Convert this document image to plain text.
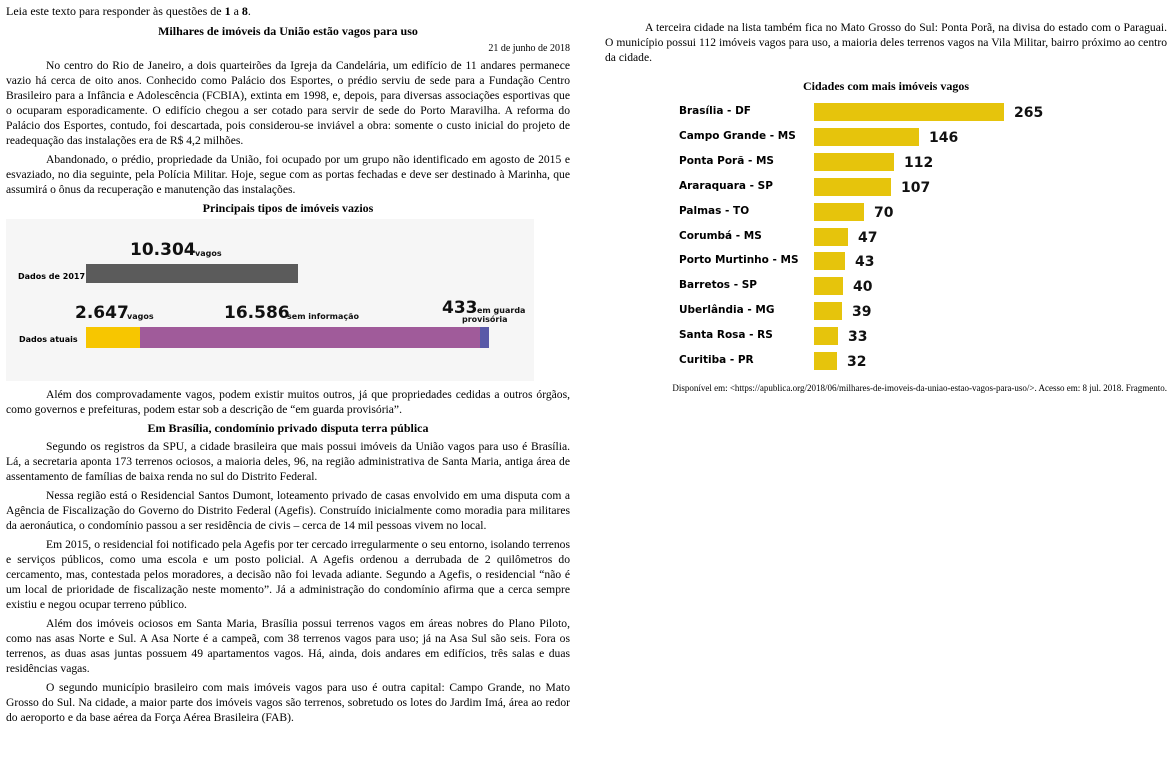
Leia este texto para responder às questões de 1 a 8.

Milhares de imóveis da União estão vagos para uso
21 de junho de 2018

No centro do Rio de Janeiro, a dois quarteirões da Igreja da Candelária, um edifício de 11 andares permanece vazio há cerca de oito anos. Conhecido como Palácio dos Esportes, o prédio serviu de sede para a Fundação Centro Brasileiro para a Infância e Adolescência (FCBIA), extinta em 1998, e, depois, para diversas associações esportivas que o ocuparam esporadicamente. O edifício chegou a ser cotado para servir de sede do Porto Maravilha. A reforma do Palácio dos Esportes, contudo, foi descartada, pois considerou-se inviável a obra: somente o custo inicial do projeto de readequação das instalações era de R$ 4,2 milhões.

Abandonado, o prédio, propriedade da União, foi ocupado por um grupo não identificado em agosto de 2015 e esvaziado, no dia seguinte, pela Polícia Militar. Hoje, segue com as portas fechadas e deve ser destinado à Marinha, que assumirá o ônus da recuperação e manutenção das instalações.

Principais tipos de imóveis vazios
10.304 vagos
Dados de 2017
2.647
vagos	16.586
sem informação	433 em guarda
provisória
Dados atuais

Além dos comprovadamente vagos, podem existir muitos outros, já que propriedades cedidas a outros órgãos, como governos e prefeituras, podem estar sob a descrição de “em guarda provisória”.

Em Brasília, condomínio privado disputa terra pública

Segundo os registros da SPU, a cidade brasileira que mais possui imóveis da União vagos para uso é Brasília. Lá, a secretaria aponta 173 terrenos ociosos, a maioria deles, 96, na região administrativa de Santa Maria, antiga área de assentamento de famílias de baixa renda no sul do Distrito Federal.

Nessa região está o Residencial Santos Dumont, loteamento privado de casas envolvido em uma disputa com a Agência de Fiscalização do Governo do Distrito Federal (Agefis). Construído inicialmente como moradia para militares da aeronáutica, o condomínio passou a ser residência de civis – cerca de 14 mil pessoas vivem no local.

Em 2015, o residencial foi notificado pela Agefis por ter cercado irregularmente o seu entorno, isolando terrenos e serviços públicos, como uma escola e um posto policial. A Agefis ordenou a derrubada de 2 quilômetros do cercamento, mas, contestada pelos moradores, a decisão não foi levada adiante. Segundo a Agefis, o residencial “não é um local de prioridade de fiscalização neste momento”. Já a administração do condomínio afirma que a cerca sempre existiu e negou ocupar terreno público.

Além dos imóveis ociosos em Santa Maria, Brasília possui terrenos vagos em áreas nobres do Plano Piloto, como nas asas Norte e Sul. A Asa Norte é a campeã, com 38 terrenos vagos para uso; já na Asa Sul são seis. Fora os terrenos, as duas asas juntas possuem 49 apartamentos vagos. Há, ainda, dois andares em edifícios, três salas e duas residências vagas.

O segundo município brasileiro com mais imóveis vagos para uso é outra capital: Campo Grande, no Mato Grosso do Sul. Na cidade, a maior parte dos imóveis vagos são terrenos, sobretudo os lotes do Jardim Imá, área ao redor do aeroporto e da base aérea da Força Aérea Brasileira (FAB).

A terceira cidade na lista também fica no Mato Grosso do Sul: Ponta Porã, na divisa do estado com o Paraguai. O município possui 112 imóveis vagos para uso, a maioria deles terrenos vagos na Vila Militar, bairro próximo ao centro da cidade.

Cidades com mais imóveis vagos
Brasília - DF	265
Campo Grande - MS	146
Ponta Porã - MS	112
Araraquara - SP	107
Palmas - TO	70
Corumbá - MS	47
Porto Murtinho - MS	43
Barretos - SP	40
Uberlândia - MG	39
Santa Rosa - RS	33
Curitiba - PR	32
Disponível em: <https://apublica.org/2018/06/milhares-de-imoveis-da-uniao-estao-vagos-para-uso/>. Acesso em: 8 jul. 2018. Fragmento.
